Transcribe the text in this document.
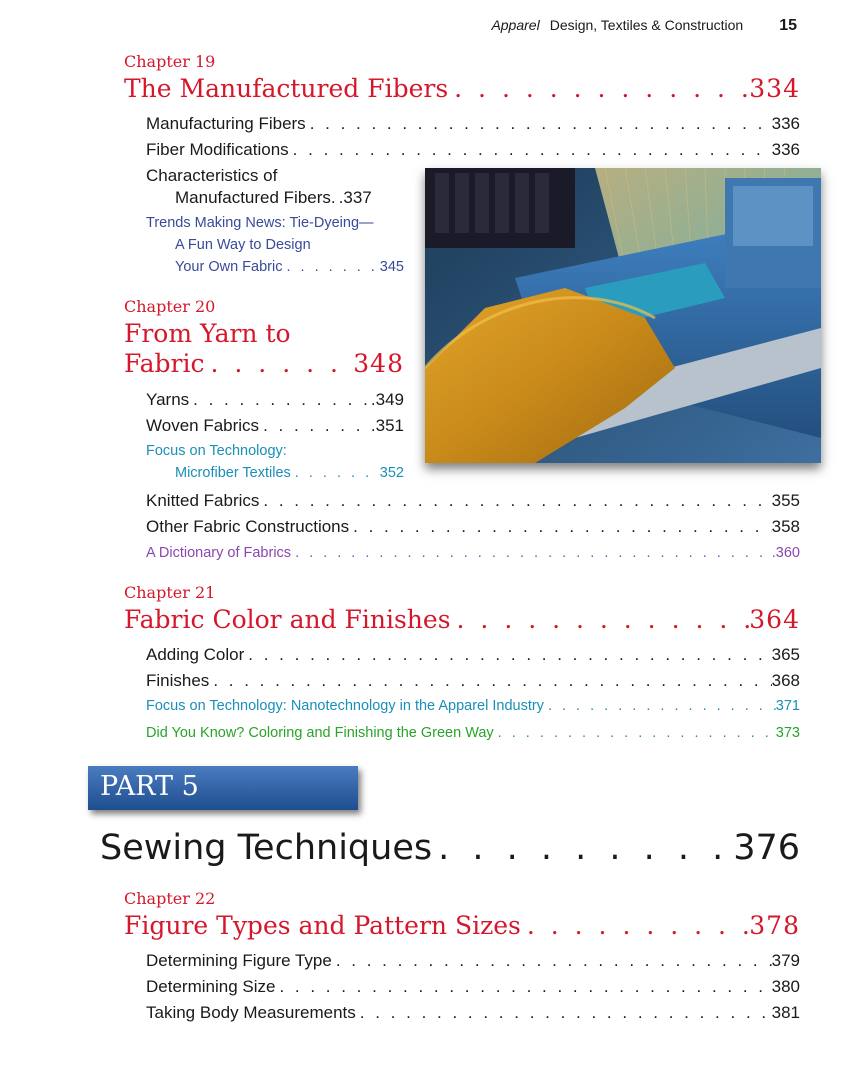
Apparel Design, Textiles & Construction 15
Chapter 19
The Manufactured Fibers . . .	334
Manufacturing Fibers . . .	336
Fiber Modifications . . .	336
Characteristics of
Manufactured Fibers . .337
Trends Making News: Tie-Dyeing—
A Fun Way to Design
Your Own Fabric . . .	345
Chapter 20
From Yarn to
Fabric . . .	348
Yarns . . .	.349
Woven Fabrics . . .	.351
Focus on Technology:
Microfiber Textiles . . .	352
Knitted Fabrics . . .	355
Other Fabric Constructions . . .	358
A Dictionary of Fabrics . . .	.360
Chapter 21
Fabric Color and Finishes . . .	364
Adding Color . . .	365
Finishes . . .	368
Focus on Technology: Nanotechnology in the Apparel Industry . . .	371
Did You Know? Coloring and Finishing the Green Way . . .	373
PART 5
Sewing Techniques . . .	376
Chapter 22
Figure Types and Pattern Sizes . . .	378
Determining Figure Type . . .	379
Determining Size . . .	380
Taking Body Measurements . . .	381
